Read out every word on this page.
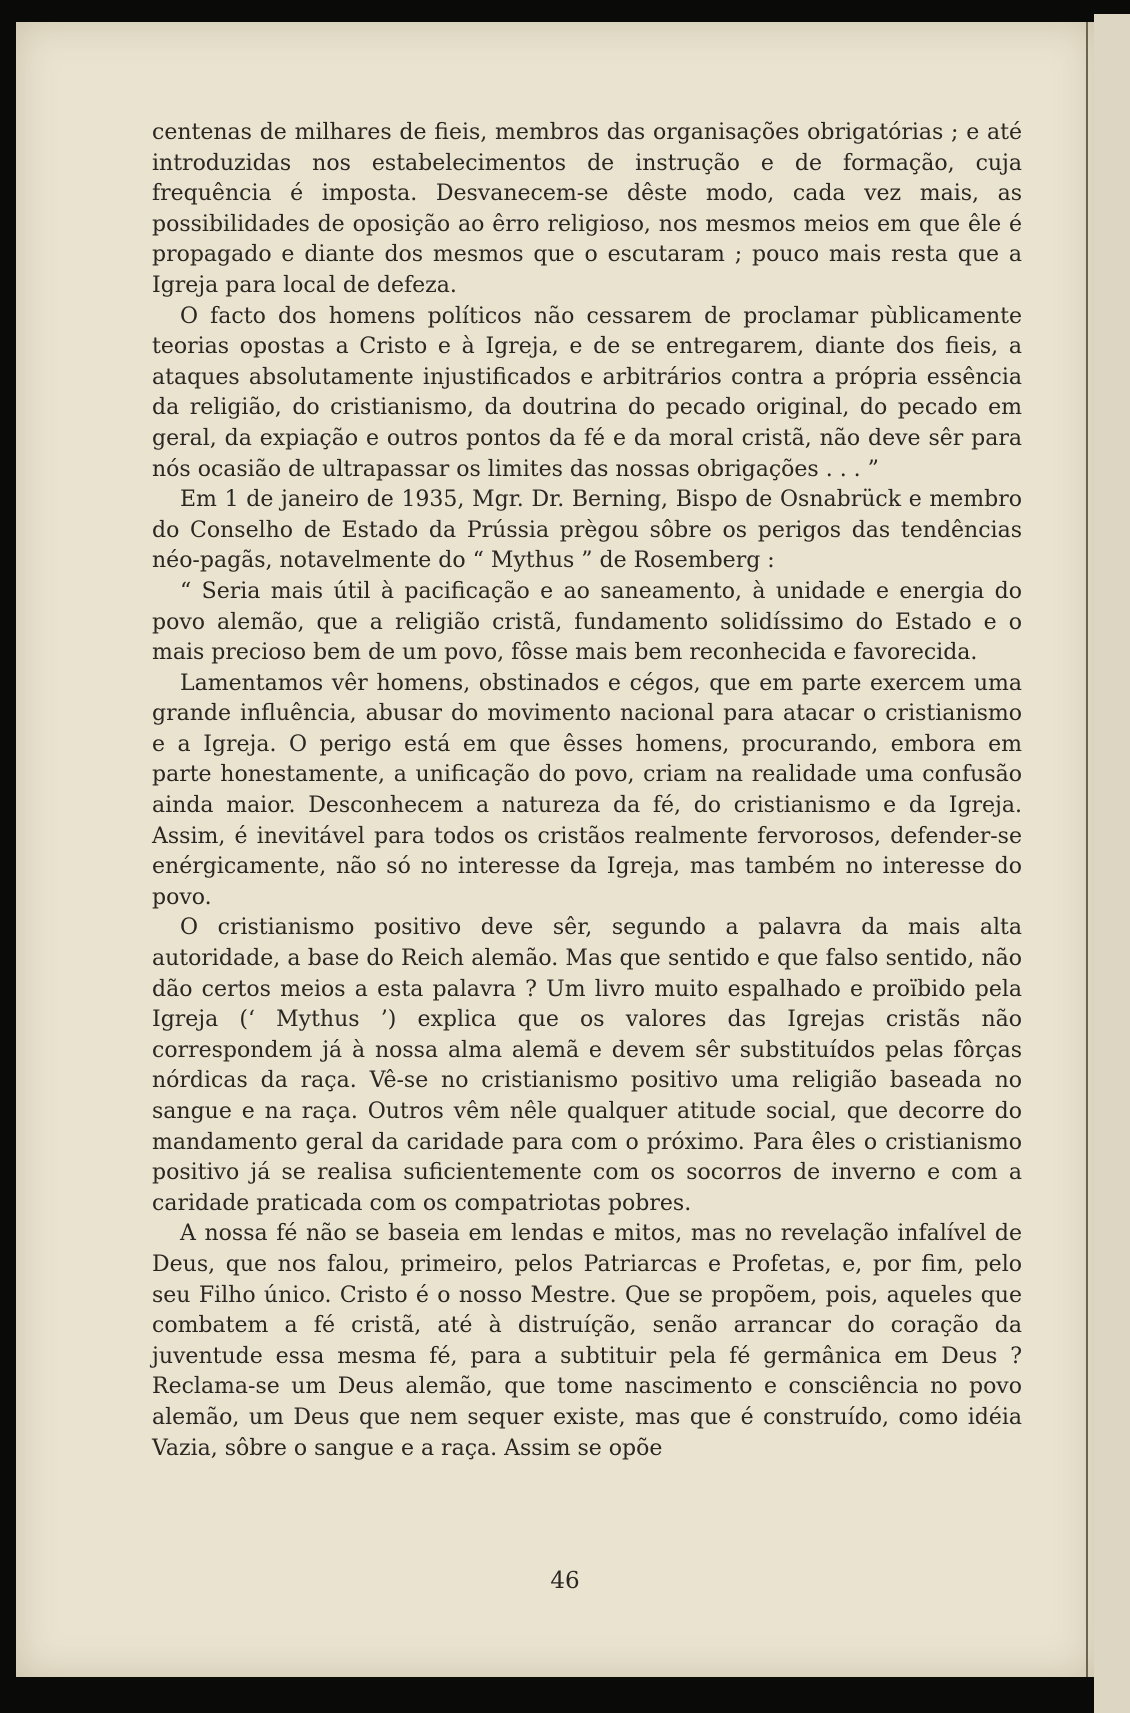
centenas de milhares de fieis, membros das organisações obrigatórias ; e até introduzidas nos estabelecimentos de instrução e de formação, cuja frequência é imposta. Desvanecem-se dêste modo, cada vez mais, as possibilidades de oposição ao êrro religioso, nos mesmos meios em que êle é propagado e diante dos mesmos que o escutaram ; pouco mais resta que a Igreja para local de defeza.

O facto dos homens políticos não cessarem de proclamar pùblicamente teorias opostas a Cristo e à Igreja, e de se entregarem, diante dos fieis, a ataques absolutamente injustificados e arbitrários contra a própria essência da religião, do cristianismo, da doutrina do pecado original, do pecado em geral, da expiação e outros pontos da fé e da moral cristã, não deve sêr para nós ocasião de ultrapassar os limites das nossas obrigações . . . ”

Em 1 de janeiro de 1935, Mgr. Dr. Berning, Bispo de Osnabrück e membro do Conselho de Estado da Prússia prègou sôbre os perigos das tendências néo-pagãs, notavelmente do “ Mythus ” de Rosemberg :

“ Seria mais útil à pacificação e ao saneamento, à unidade e energia do povo alemão, que a religião cristã, fundamento solidíssimo do Estado e o mais precioso bem de um povo, fôsse mais bem reconhecida e favorecida.

Lamentamos vêr homens, obstinados e cégos, que em parte exercem uma grande influência, abusar do movimento nacional para atacar o cristianismo e a Igreja. O perigo está em que êsses homens, procurando, embora em parte honestamente, a unificação do povo, criam na realidade uma confusão ainda maior. Desconhecem a natureza da fé, do cristianismo e da Igreja. Assim, é inevitável para todos os cristãos realmente fervorosos, defender-se enérgicamente, não só no interesse da Igreja, mas também no interesse do povo.

O cristianismo positivo deve sêr, segundo a palavra da mais alta autoridade, a base do Reich alemão. Mas que sentido e que falso sentido, não dão certos meios a esta palavra ? Um livro muito espalhado e proïbido pela Igreja (‘ Mythus ’) explica que os valores das Igrejas cristãs não correspondem já à nossa alma alemã e devem sêr substituídos pelas fôrças nórdicas da raça. Vê-se no cristianismo positivo uma religião baseada no sangue e na raça. Outros vêm nêle qualquer atitude social, que decorre do mandamento geral da caridade para com o próximo. Para êles o cristianismo positivo já se realisa suficientemente com os socorros de inverno e com a caridade praticada com os compatriotas pobres.

A nossa fé não se baseia em lendas e mitos, mas no revelação infalível de Deus, que nos falou, primeiro, pelos Patriarcas e Profetas, e, por fim, pelo seu Filho único. Cristo é o nosso Mestre. Que se propõem, pois, aqueles que combatem a fé cristã, até à distruíção, senão arrancar do coração da juventude essa mesma fé, para a subtituir pela fé germânica em Deus ? Reclama-se um Deus alemão, que tome nascimento e consciência no povo alemão, um Deus que nem sequer existe, mas que é construído, como idéia Vazia, sôbre o sangue e a raça. Assim se opõe

46
